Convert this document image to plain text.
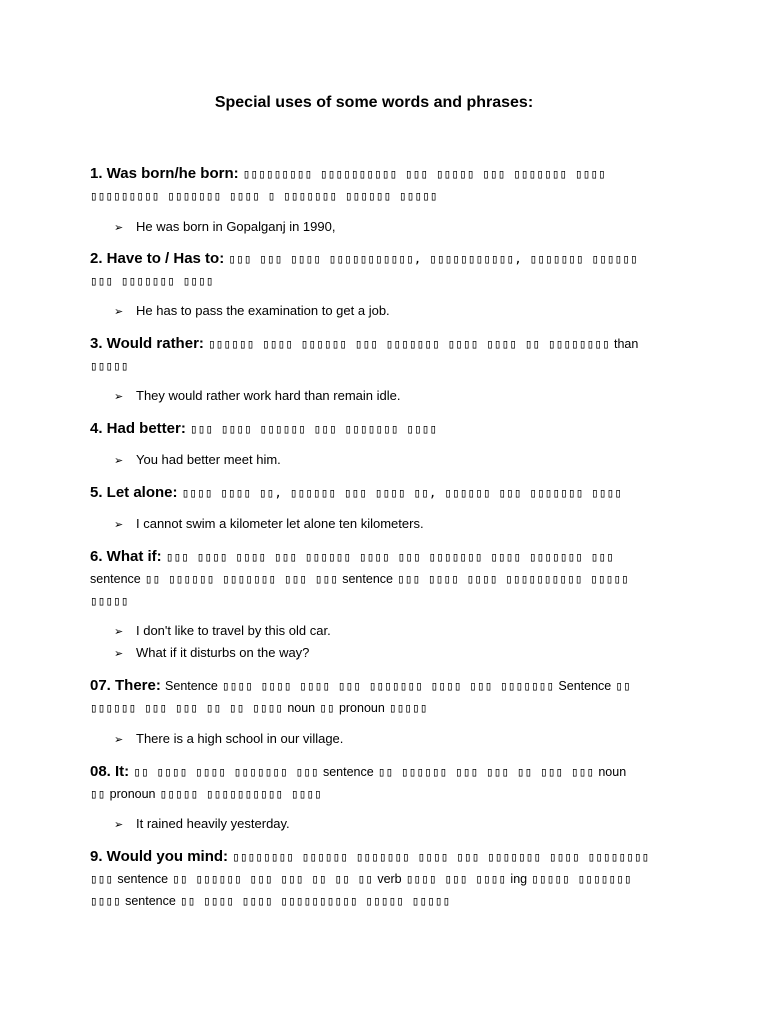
Special uses of some words and phrases:
1. Was born/he born: ▯▯▯▯▯▯▯▯▯ ▯▯▯▯▯▯▯▯▯▯ ▯▯▯ ▯▯▯▯▯ ▯▯▯ ▯▯▯▯▯▯▯ ▯▯▯▯
▯▯▯▯▯▯▯▯▯ ▯▯▯▯▯▯▯ ▯▯▯▯ ▯ ▯▯▯▯▯▯▯ ▯▯▯▯▯▯ ▯▯▯▯▯
➢ He was born in Gopalganj in 1990,
2. Have to / Has to: ▯▯▯ ▯▯▯ ▯▯▯▯ ▯▯▯▯▯▯▯▯▯▯▯, ▯▯▯▯▯▯▯▯▯▯▯, ▯▯▯▯▯▯▯ ▯▯▯▯▯▯
▯▯▯ ▯▯▯▯▯▯▯ ▯▯▯▯
➢ He has to pass the examination to get a job.
3. Would rather: ▯▯▯▯▯▯ ▯▯▯▯ ▯▯▯▯▯▯ ▯▯▯ ▯▯▯▯▯▯▯ ▯▯▯▯ ▯▯▯▯ ▯▯ ▯▯▯▯▯▯▯▯ than
▯▯▯▯▯
➢ They would rather work hard than remain idle.
4. Had better: ▯▯▯ ▯▯▯▯ ▯▯▯▯▯▯ ▯▯▯ ▯▯▯▯▯▯▯ ▯▯▯▯
➢ You had better meet him.
5. Let alone: ▯▯▯▯ ▯▯▯▯ ▯▯, ▯▯▯▯▯▯ ▯▯▯ ▯▯▯▯ ▯▯, ▯▯▯▯▯▯ ▯▯▯ ▯▯▯▯▯▯▯ ▯▯▯▯
➢ I cannot swim a kilometer let alone ten kilometers.
6. What if: ▯▯▯ ▯▯▯▯ ▯▯▯▯ ▯▯▯ ▯▯▯▯▯▯ ▯▯▯▯ ▯▯▯ ▯▯▯▯▯▯▯ ▯▯▯▯ ▯▯▯▯▯▯▯ ▯▯▯
sentence ▯▯ ▯▯▯▯▯▯ ▯▯▯▯▯▯▯ ▯▯▯ ▯▯▯ sentence ▯▯▯ ▯▯▯▯ ▯▯▯▯ ▯▯▯▯▯▯▯▯▯▯ ▯▯▯▯▯
▯▯▯▯▯
➢ I don't like to travel by this old car.
➢ What if it disturbs on the way?
07. There: Sentence ▯▯▯▯ ▯▯▯▯ ▯▯▯▯ ▯▯▯ ▯▯▯▯▯▯▯ ▯▯▯▯ ▯▯▯ ▯▯▯▯▯▯▯ Sentence ▯▯
▯▯▯▯▯▯ ▯▯▯ ▯▯▯ ▯▯ ▯▯ ▯▯▯▯ noun ▯▯ pronoun ▯▯▯▯▯
➢ There is a high school in our village.
08. It: ▯▯ ▯▯▯▯ ▯▯▯▯ ▯▯▯▯▯▯▯ ▯▯▯ sentence ▯▯ ▯▯▯▯▯▯ ▯▯▯ ▯▯▯ ▯▯ ▯▯▯ ▯▯▯ noun
▯▯ pronoun ▯▯▯▯▯ ▯▯▯▯▯▯▯▯▯▯ ▯▯▯▯
➢ It rained heavily yesterday.
9. Would you mind: ▯▯▯▯▯▯▯▯ ▯▯▯▯▯▯ ▯▯▯▯▯▯▯ ▯▯▯▯ ▯▯▯ ▯▯▯▯▯▯▯ ▯▯▯▯ ▯▯▯▯▯▯▯▯
▯▯▯ sentence ▯▯ ▯▯▯▯▯▯ ▯▯▯ ▯▯▯ ▯▯ ▯▯ ▯▯ verb ▯▯▯▯ ▯▯▯ ▯▯▯▯ ing ▯▯▯▯▯ ▯▯▯▯▯▯▯
▯▯▯▯ sentence ▯▯ ▯▯▯▯ ▯▯▯▯ ▯▯▯▯▯▯▯▯▯▯ ▯▯▯▯▯ ▯▯▯▯▯
